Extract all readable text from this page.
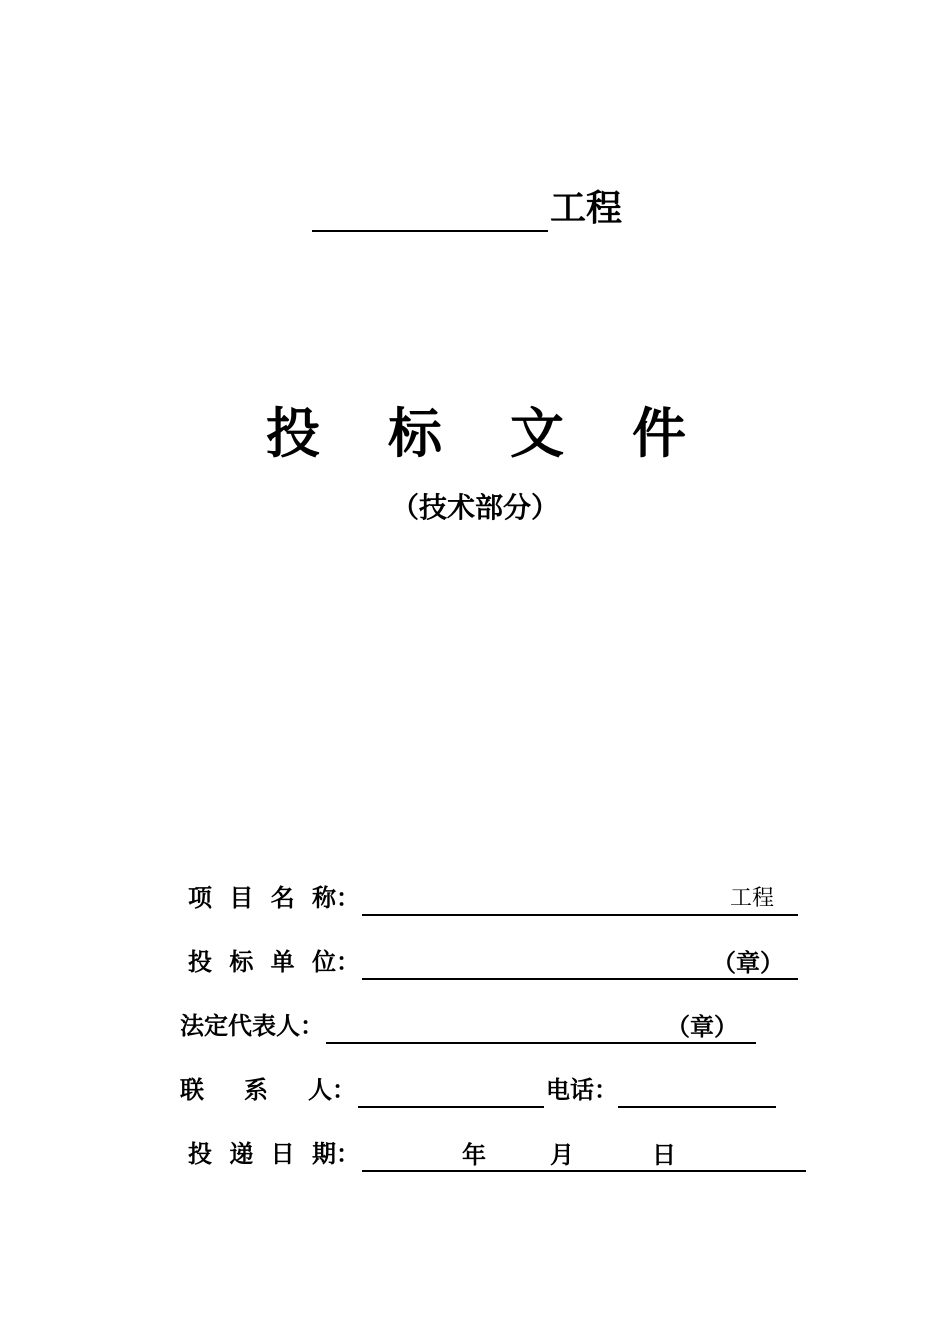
工程
投 标 文 件
（技术部分）
项 目 名 称 ：	工程
投 标 单 位 ：	（章）
法定代表人 ：	（章）
联 系 人 ：	电话：
投 递 日 期 ：	年	月	日
